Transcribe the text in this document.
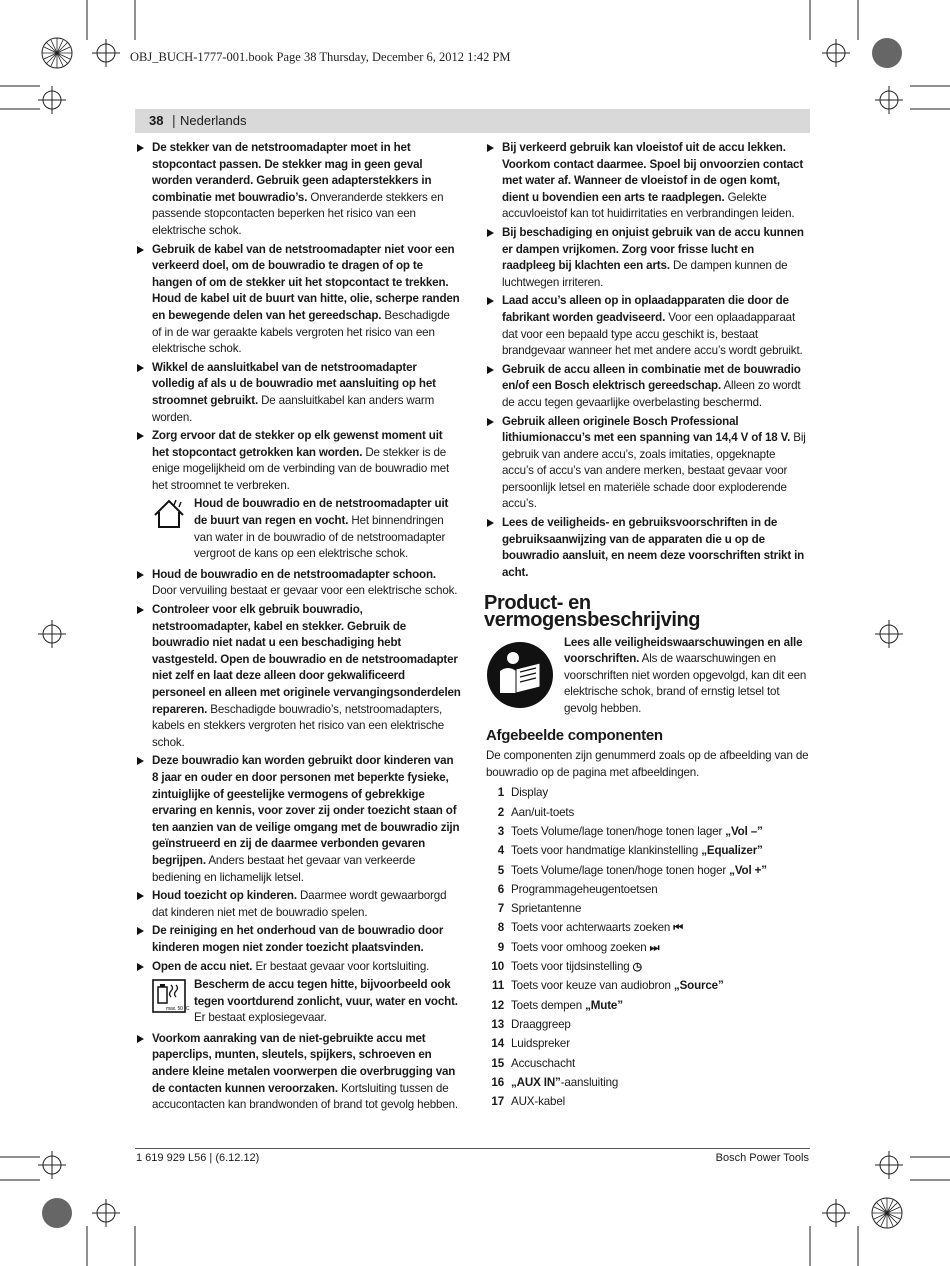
OBJ_BUCH-1777-001.book Page 38 Thursday, December 6, 2012 1:42 PM
38 | Nederlands
De stekker van de netstroomadapter moet in het stopcontact passen. De stekker mag in geen geval worden veranderd. Gebruik geen adapterstekkers in combinatie met bouwradio’s. Onveranderde stekkers en passende stopcontacten beperken het risico van een elektrische schok.
Gebruik de kabel van de netstroomadapter niet voor een verkeerd doel, om de bouwradio te dragen of op te hangen of om de stekker uit het stopcontact te trekken. Houd de kabel uit de buurt van hitte, olie, scherpe randen en bewegende delen van het gereedschap. Beschadigde of in de war geraakte kabels vergroten het risico van een elektrische schok.
Wikkel de aansluitkabel van de netstroomadapter volledig af als u de bouwradio met aansluiting op het stroomnet gebruikt. De aansluitkabel kan anders warm worden.
Zorg ervoor dat de stekker op elk gewenst moment uit het stopcontact getrokken kan worden. De stekker is de enige mogelijkheid om de verbinding van de bouwradio met het stroomnet te verbreken.
Houd de bouwradio en de netstroomadapter uit de buurt van regen en vocht. Het binnendringen van water in de bouwradio of de netstroomadapter vergroot de kans op een elektrische schok.
Houd de bouwradio en de netstroomadapter schoon. Door vervuiling bestaat er gevaar voor een elektrische schok.
Controleer voor elk gebruik bouwradio, netstroomadapter, kabel en stekker. Gebruik de bouwradio niet nadat u een beschadiging hebt vastgesteld. Open de bouwradio en de netstroomadapter niet zelf en laat deze alleen door gekwalificeerd personeel en alleen met originele vervangingsonderdelen repareren. Beschadigde bouwradio’s, netstroomadapters, kabels en stekkers vergroten het risico van een elektrische schok.
Deze bouwradio kan worden gebruikt door kinderen van 8 jaar en ouder en door personen met beperkte fysieke, zintuiglijke of geestelijke vermogens of gebrekkige ervaring en kennis, voor zover zij onder toezicht staan of ten aanzien van de veilige omgang met de bouwradio zijn geïnstrueerd en zij de daarmee verbonden gevaren begrijpen. Anders bestaat het gevaar van verkeerde bediening en lichamelijk letsel.
Houd toezicht op kinderen. Daarmee wordt gewaarborgd dat kinderen niet met de bouwradio spelen.
De reiniging en het onderhoud van de bouwradio door kinderen mogen niet zonder toezicht plaatsvinden.
Open de accu niet. Er bestaat gevaar voor kortsluiting.
max. 50 °C
Bescherm de accu tegen hitte, bijvoorbeeld ook tegen voortdurend zonlicht, vuur, water en vocht. Er bestaat explosiegevaar.
Voorkom aanraking van de niet-gebruikte accu met paperclips, munten, sleutels, spijkers, schroeven en andere kleine metalen voorwerpen die overbrugging van de contacten kunnen veroorzaken. Kortsluiting tussen de accucontacten kan brandwonden of brand tot gevolg hebben.
Bij verkeerd gebruik kan vloeistof uit de accu lekken. Voorkom contact daarmee. Spoel bij onvoorzien contact met water af. Wanneer de vloeistof in de ogen komt, dient u bovendien een arts te raadplegen. Gelekte accuvloeistof kan tot huidirritaties en verbrandingen leiden.
Bij beschadiging en onjuist gebruik van de accu kunnen er dampen vrijkomen. Zorg voor frisse lucht en raadpleeg bij klachten een arts. De dampen kunnen de luchtwegen irriteren.
Laad accu’s alleen op in oplaadapparaten die door de fabrikant worden geadviseerd. Voor een oplaadapparaat dat voor een bepaald type accu geschikt is, bestaat brandgevaar wanneer het met andere accu’s wordt gebruikt.
Gebruik de accu alleen in combinatie met de bouwradio en/of een Bosch elektrisch gereedschap. Alleen zo wordt de accu tegen gevaarlijke overbelasting beschermd.
Gebruik alleen originele Bosch Professional lithiumionaccu’s met een spanning van 14,4 V of 18 V. Bij gebruik van andere accu’s, zoals imitaties, opgeknapte accu’s of accu’s van andere merken, bestaat gevaar voor persoonlijk letsel en materiële schade door exploderende accu’s.
Lees de veiligheids- en gebruiksvoorschriften in de gebruiksaanwijzing van de apparaten die u op de bouwradio aansluit, en neem deze voorschriften strikt in acht.
Product- en vermogensbeschrijving
Lees alle veiligheidswaarschuwingen en alle voorschriften. Als de waarschuwingen en voorschriften niet worden opgevolgd, kan dit een elektrische schok, brand of ernstig letsel tot gevolg hebben.
Afgebeelde componenten
De componenten zijn genummerd zoals op de afbeelding van de bouwradio op de pagina met afbeeldingen.
1 Display
2 Aan/uit-toets
3 Toets Volume/lage tonen/hoge tonen lager „Vol –”
4 Toets voor handmatige klankinstelling „Equalizer”
5 Toets Volume/lage tonen/hoge tonen hoger „Vol +”
6 Programmageheugentoetsen
7 Sprietantenne
8 Toets voor achterwaarts zoeken ⏮
9 Toets voor omhoog zoeken ⏭
10 Toets voor tijdsinstelling ◷
11 Toets voor keuze van audiobron „Source”
12 Toets dempen „Mute”
13 Draaggreep
14 Luidspreker
15 Accuschacht
16 „AUX IN”-aansluiting
17 AUX-kabel
1 619 929 L56 | (6.12.12)	Bosch Power Tools
